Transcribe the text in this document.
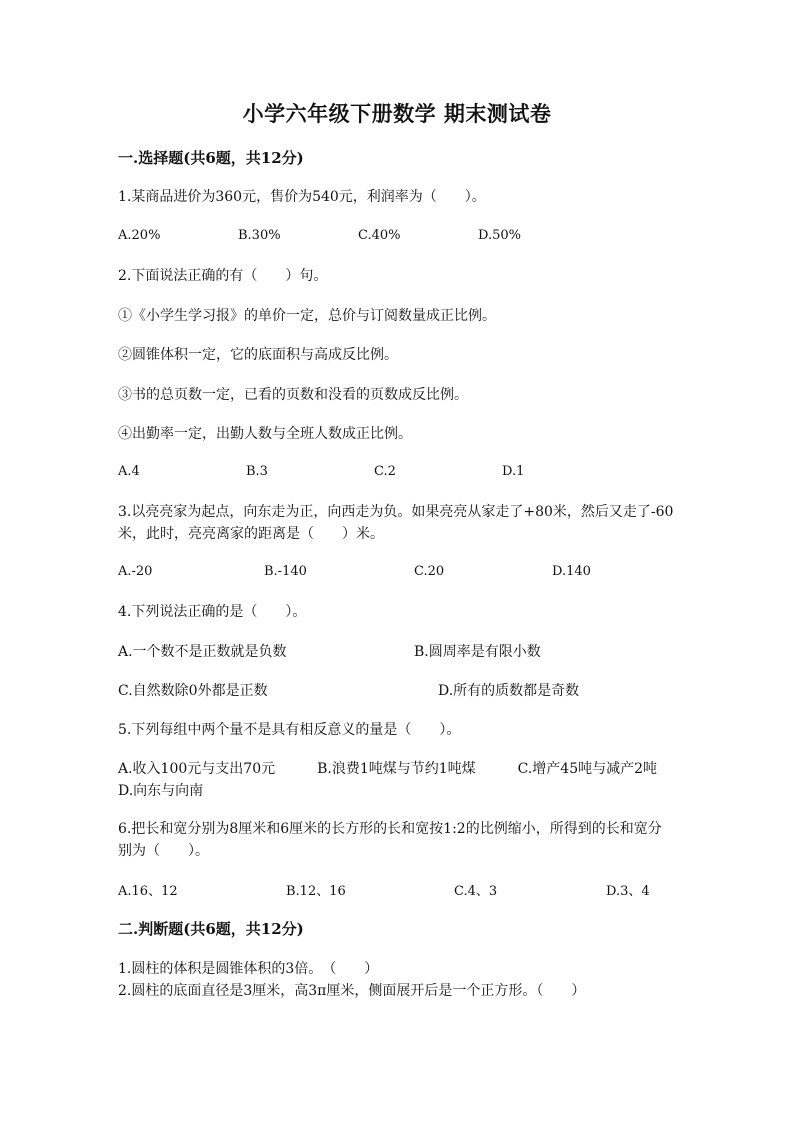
小学六年级下册数学 期末测试卷
一.选择题(共6题，共12分)
1.某商品进价为360元，售价为540元，利润率为（　　）。
A.20%	B.30%	C.40%	D.50%
2.下面说法正确的有（　　）句。
①《小学生学习报》的单价一定，总价与订阅数量成正比例。
②圆锥体积一定，它的底面积与高成反比例。
③书的总页数一定，已看的页数和没看的页数成反比例。
④出勤率一定，出勤人数与全班人数成正比例。
A.4	B.3	C.2	D.1
3.以亮亮家为起点，向东走为正，向西走为负。如果亮亮从家走了+80米，然后又走了-60米，此时，亮亮离家的距离是（　　）米。
A.-20	B.-140	C.20	D.140
4.下列说法正确的是（　　）。
A.一个数不是正数就是负数	B.圆周率是有限小数
C.自然数除0外都是正数	D.所有的质数都是奇数
5.下列每组中两个量不是具有相反意义的量是（　　）。
A.收入100元与支出70元　　　B.浪费1吨煤与节约1吨煤　　　C.增产45吨与减产2吨　　　D.向东与向南
6.把长和宽分别为8厘米和6厘米的长方形的长和宽按1:2的比例缩小，所得到的长和宽分别为（　　）。
A.16、12	B.12、16	C.4、3	D.3、4
二.判断题(共6题，共12分)
1.圆柱的体积是圆锥体积的3倍。　（　　）
2.圆柱的底面直径是3厘米，高3π厘米，侧面展开后是一个正方形。（　　）
